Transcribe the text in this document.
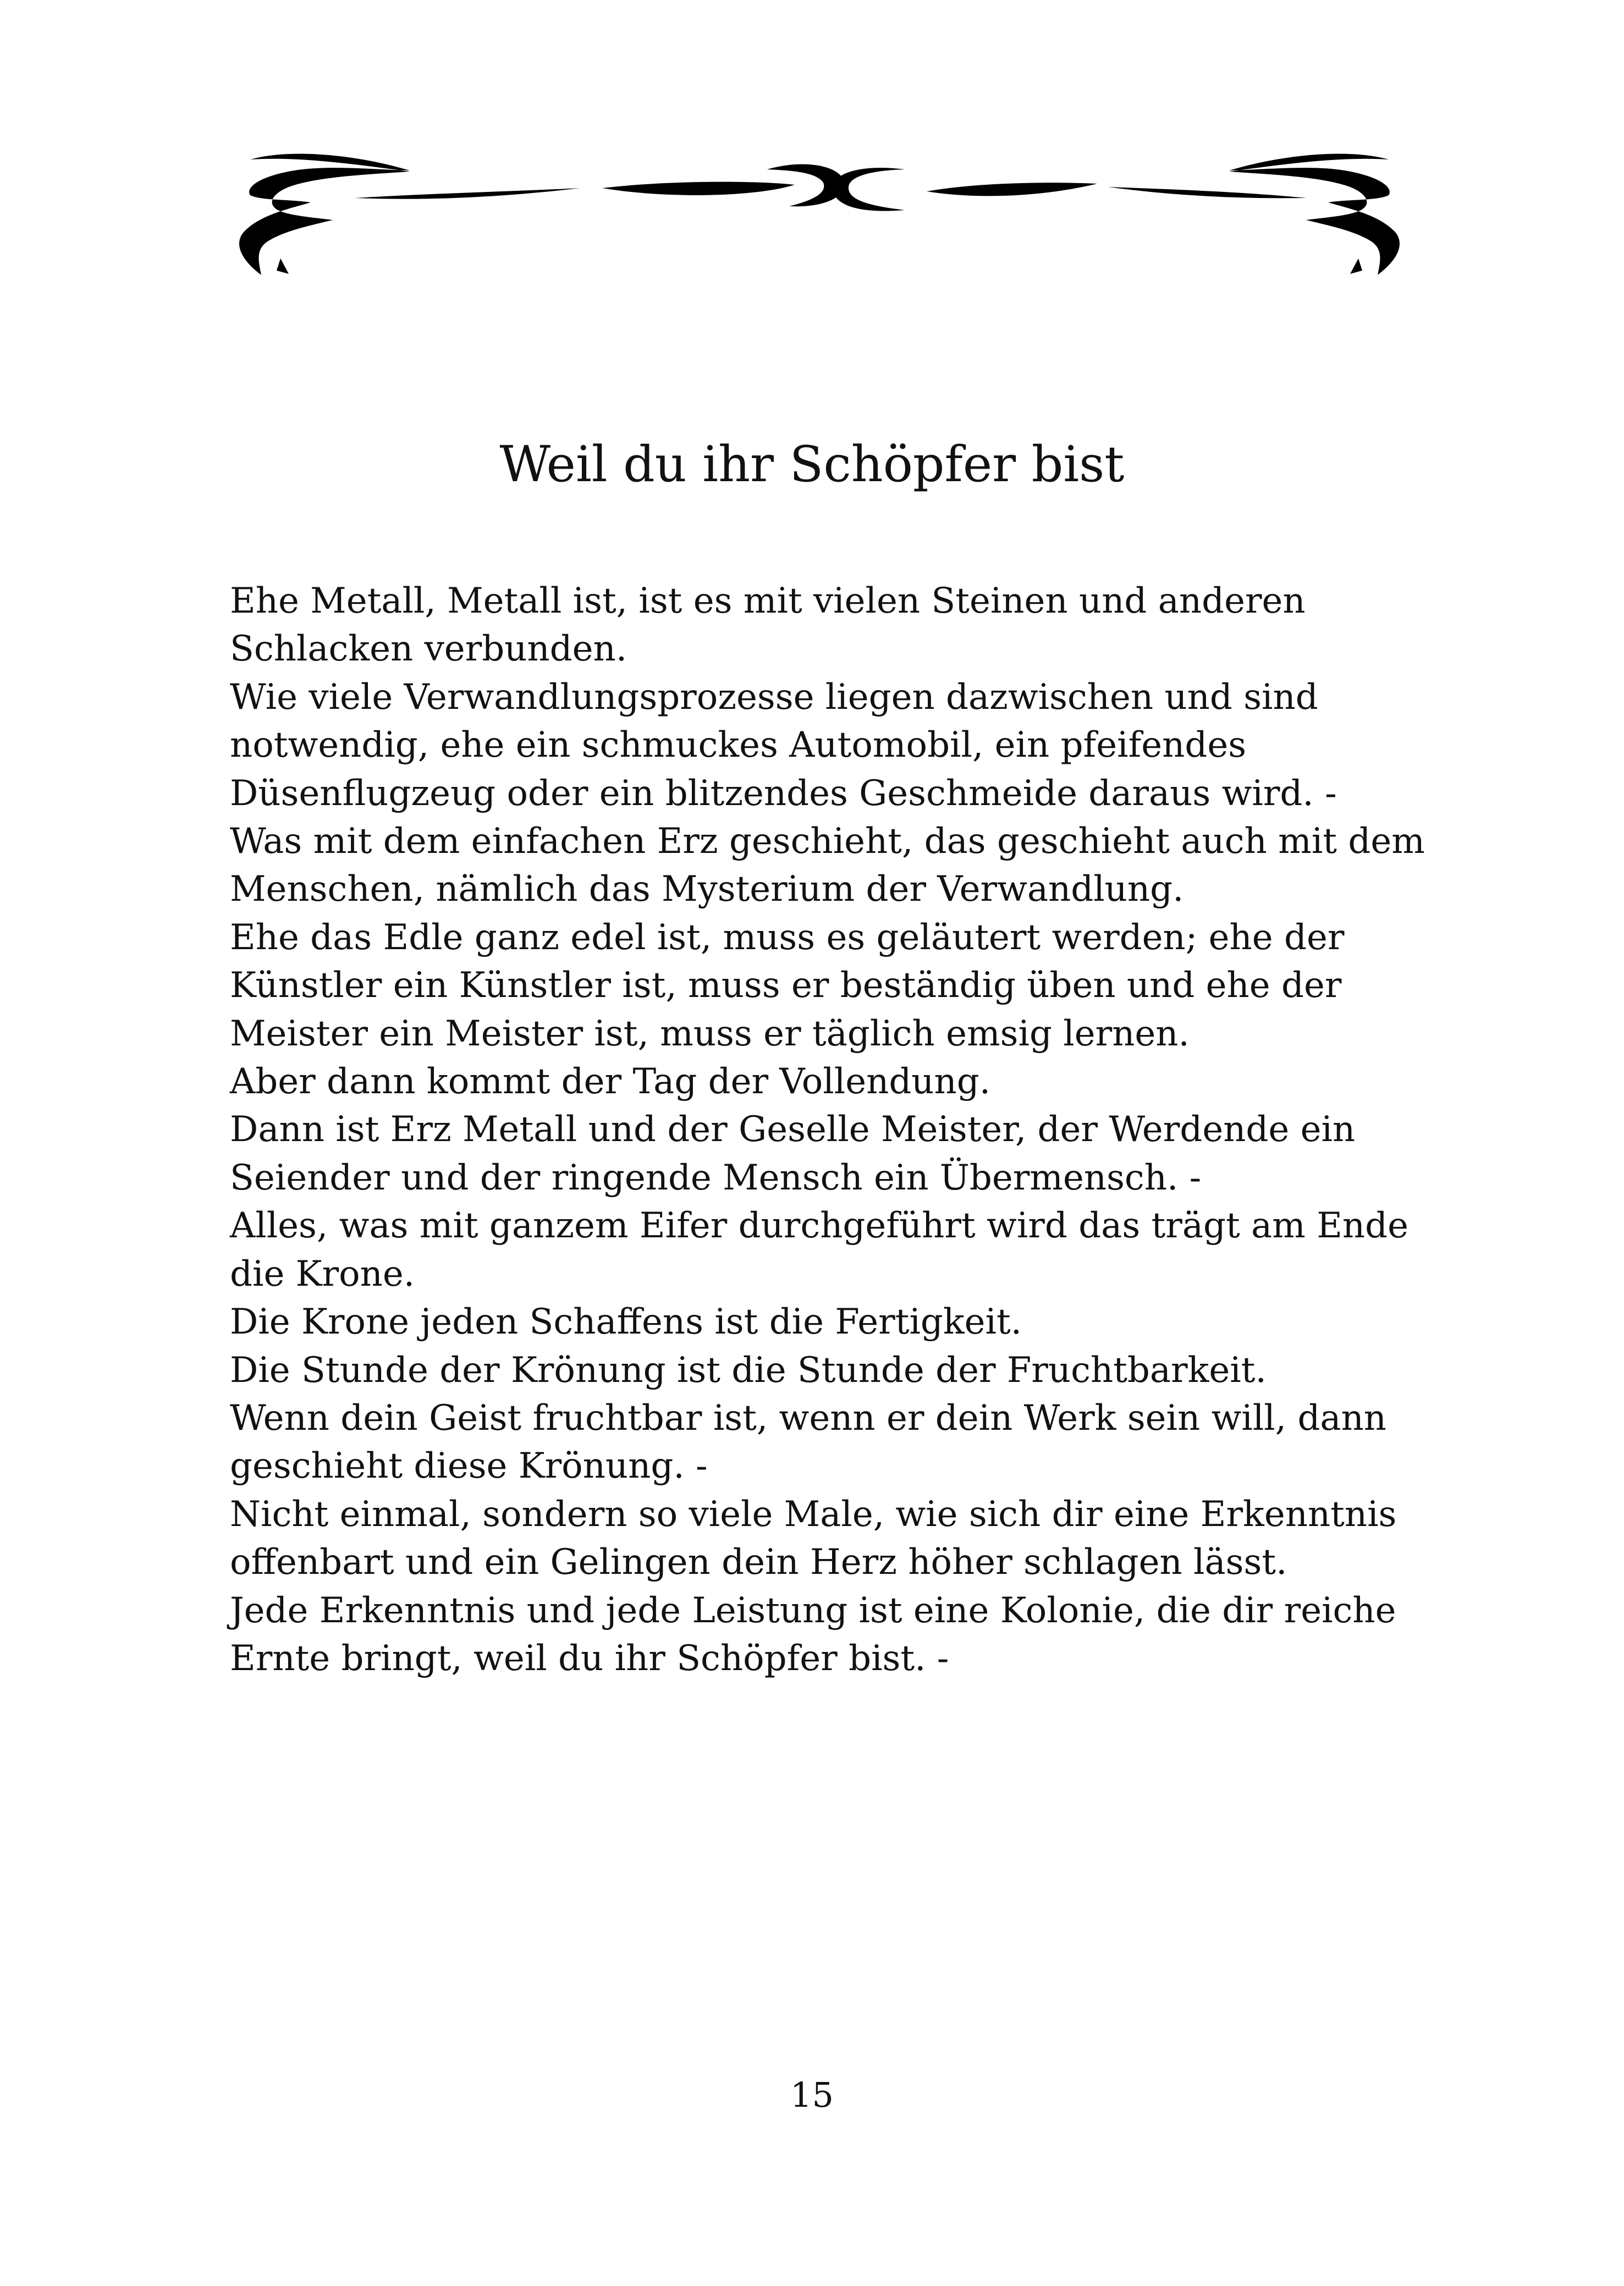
Weil du ihr Schöpfer bist
Ehe Metall, Metall ist, ist es mit vielen Steinen und anderen
Schlacken verbunden.
Wie viele Verwandlungsprozesse liegen dazwischen und sind
notwendig, ehe ein schmuckes Automobil, ein pfeifendes
Düsenflugzeug oder ein blitzendes Geschmeide daraus wird. -
Was mit dem einfachen Erz geschieht, das geschieht auch mit dem
Menschen, nämlich das Mysterium der Verwandlung.
Ehe das Edle ganz edel ist, muss es geläutert werden; ehe der
Künstler ein Künstler ist, muss er beständig üben und ehe der
Meister ein Meister ist, muss er täglich emsig lernen.
Aber dann kommt der Tag der Vollendung.
Dann ist Erz Metall und der Geselle Meister, der Werdende ein
Seiender und der ringende Mensch ein Übermensch. -
Alles, was mit ganzem Eifer durchgeführt wird das trägt am Ende
die Krone.
Die Krone jeden Schaffens ist die Fertigkeit.
Die Stunde der Krönung ist die Stunde der Fruchtbarkeit.
Wenn dein Geist fruchtbar ist, wenn er dein Werk sein will, dann
geschieht diese Krönung. -
Nicht einmal, sondern so viele Male, wie sich dir eine Erkenntnis
offenbart und ein Gelingen dein Herz höher schlagen lässt.
Jede Erkenntnis und jede Leistung ist eine Kolonie, die dir reiche
Ernte bringt, weil du ihr Schöpfer bist. -
15
